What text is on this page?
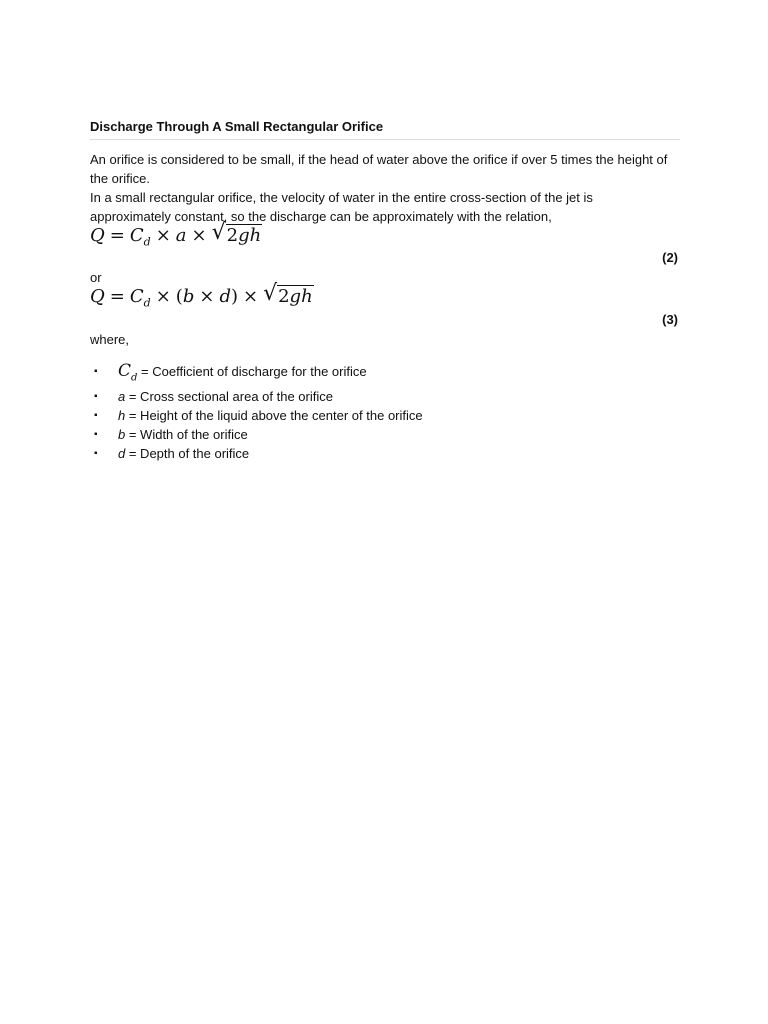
Discharge Through A Small Rectangular Orifice
An orifice is considered to be small, if the head of water above the orifice if over 5 times the height of the orifice.
In a small rectangular orifice, the velocity of water in the entire cross-section of the jet is approximately constant, so the discharge can be approximately with the relation,
$Q = C_d \times a$ × √ 2gh
(2)
or
$Q = C_d \times (b \times d)$ × √ 2gh
(3)
where,
▪ $C_d$ = Coefficient of discharge for the orifice
▪ a = Cross sectional area of the orifice
▪ h = Height of the liquid above the center of the orifice
▪ b = Width of the orifice
▪ d = Depth of the orifice
